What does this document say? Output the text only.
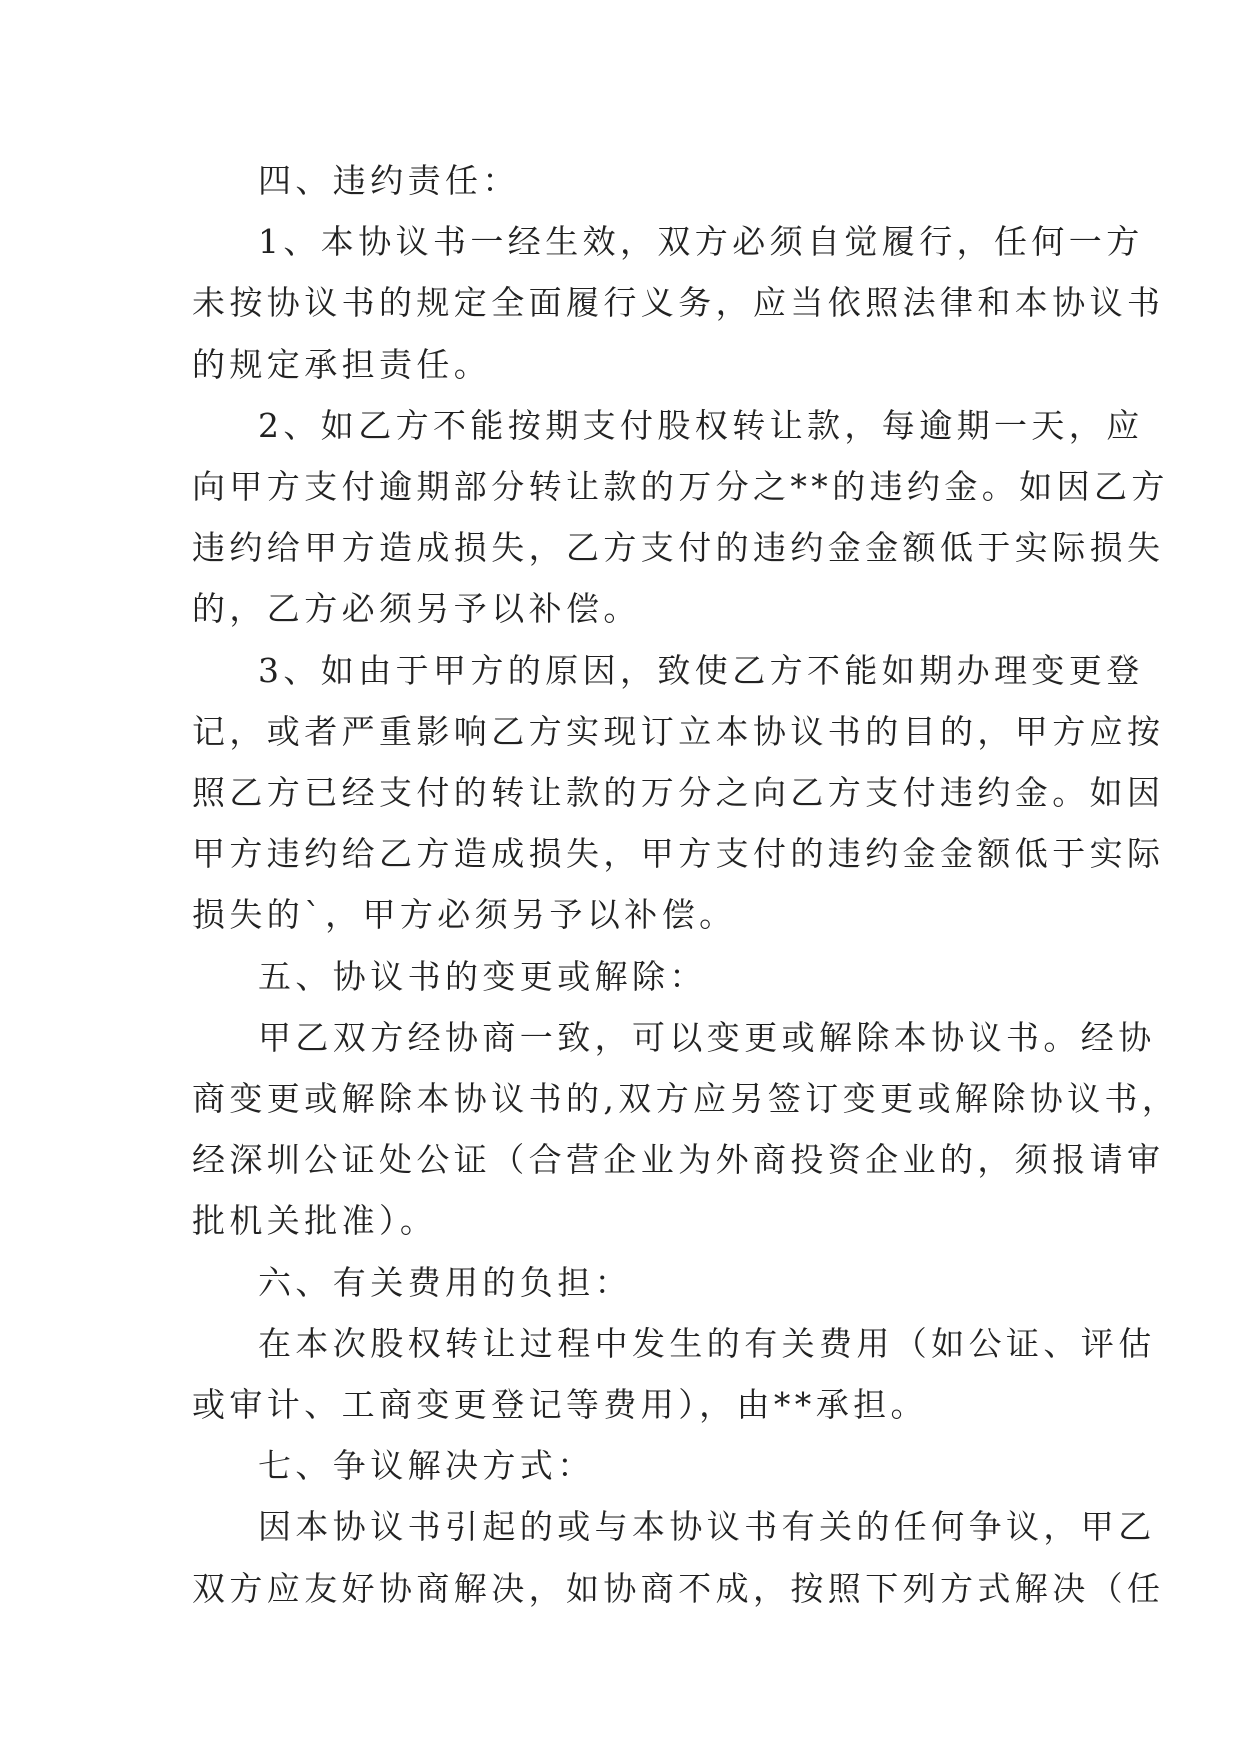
四、违约责任：

1、本协议书一经生效，双方必须自觉履行，任何一方
未按协议书的规定全面履行义务，应当依照法律和本协议书
的规定承担责任。

2、如乙方不能按期支付股权转让款，每逾期一天，应
向甲方支付逾期部分转让款的万分之**的违约金。如因乙方
违约给甲方造成损失，乙方支付的违约金金额低于实际损失
的，乙方必须另予以补偿。

3、如由于甲方的原因，致使乙方不能如期办理变更登
记，或者严重影响乙方实现订立本协议书的目的，甲方应按
照乙方已经支付的转让款的万分之向乙方支付违约金。如因
甲方违约给乙方造成损失，甲方支付的违约金金额低于实际
损失的`，甲方必须另予以补偿。

五、协议书的变更或解除：

甲乙双方经协商一致，可以变更或解除本协议书。经协
商变更或解除本协议书的,双方应另签订变更或解除协议书，
经深圳公证处公证（合营企业为外商投资企业的，须报请审
批机关批准）。

六、有关费用的负担：

在本次股权转让过程中发生的有关费用（如公证、评估
或审计、工商变更登记等费用），由**承担。

七、争议解决方式：

因本协议书引起的或与本协议书有关的任何争议，甲乙
双方应友好协商解决，如协商不成，按照下列方式解决（任
